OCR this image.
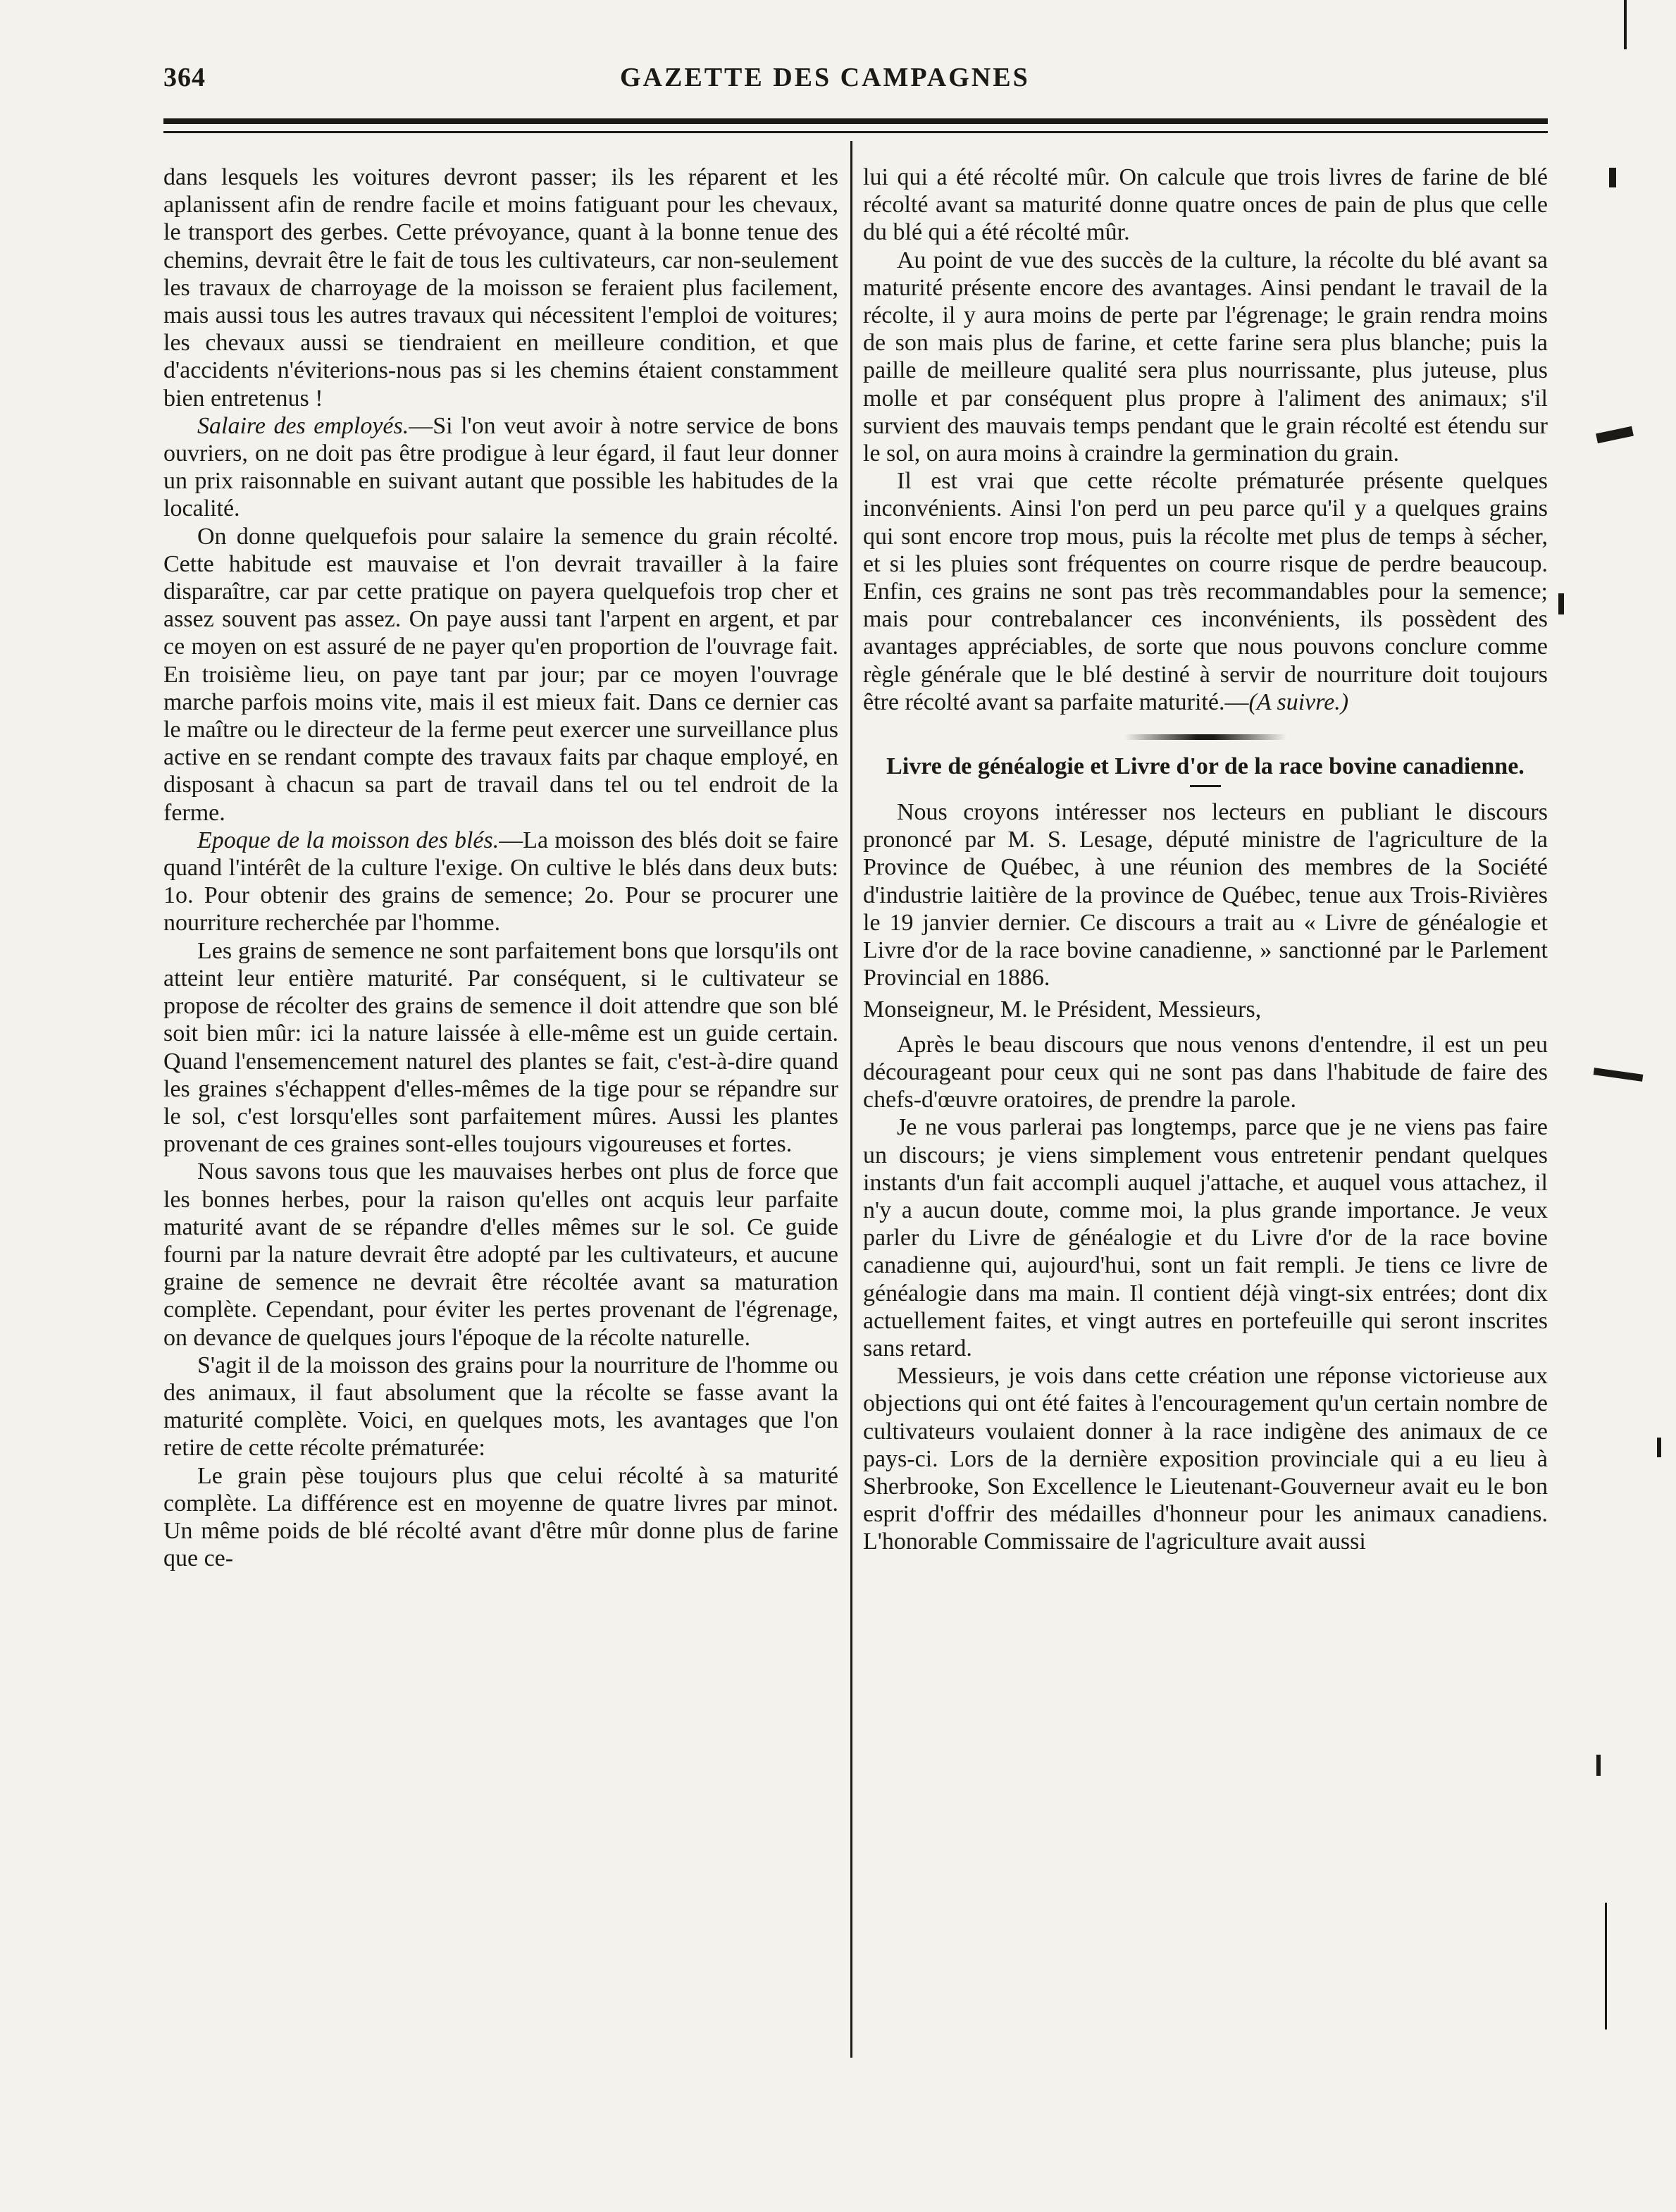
364	GAZETTE DES CAMPAGNES

dans lesquels les voitures devront passer; ils les réparent et les aplanissent afin de rendre facile et moins fatiguant pour les chevaux, le transport des gerbes. Cette prévoyance, quant à la bonne tenue des chemins, devrait être le fait de tous les cultivateurs, car non-seulement les travaux de charroyage de la moisson se feraient plus facilement, mais aussi tous les autres travaux qui nécessitent l'emploi de voitures; les chevaux aussi se tiendraient en meilleure condition, et que d'accidents n'éviterions-nous pas si les chemins étaient constamment bien entretenus !

Salaire des employés.—Si l'on veut avoir à notre service de bons ouvriers, on ne doit pas être prodigue à leur égard, il faut leur donner un prix raisonnable en suivant autant que possible les habitudes de la localité.

On donne quelquefois pour salaire la semence du grain récolté. Cette habitude est mauvaise et l'on devrait travailler à la faire disparaître, car par cette pratique on payera quelquefois trop cher et assez souvent pas assez. On paye aussi tant l'arpent en argent, et par ce moyen on est assuré de ne payer qu'en proportion de l'ouvrage fait. En troisième lieu, on paye tant par jour; par ce moyen l'ouvrage marche parfois moins vite, mais il est mieux fait. Dans ce dernier cas le maître ou le directeur de la ferme peut exercer une surveillance plus active en se rendant compte des travaux faits par chaque employé, en disposant à chacun sa part de travail dans tel ou tel endroit de la ferme.

Epoque de la moisson des blés.—La moisson des blés doit se faire quand l'intérêt de la culture l'exige. On cultive le blés dans deux buts: 1o. Pour obtenir des grains de semence; 2o. Pour se procurer une nourriture recherchée par l'homme.

Les grains de semence ne sont parfaitement bons que lorsqu'ils ont atteint leur entière maturité. Par conséquent, si le cultivateur se propose de récolter des grains de semence il doit attendre que son blé soit bien mûr: ici la nature laissée à elle-même est un guide certain. Quand l'ensemencement naturel des plantes se fait, c'est-à-dire quand les graines s'échappent d'elles-mêmes de la tige pour se répandre sur le sol, c'est lorsqu'elles sont parfaitement mûres. Aussi les plantes provenant de ces graines sont-elles toujours vigoureuses et fortes.

Nous savons tous que les mauvaises herbes ont plus de force que les bonnes herbes, pour la raison qu'elles ont acquis leur parfaite maturité avant de se répandre d'elles mêmes sur le sol. Ce guide fourni par la nature devrait être adopté par les cultivateurs, et aucune graine de semence ne devrait être récoltée avant sa maturation complète. Cependant, pour éviter les pertes provenant de l'égrenage, on devance de quelques jours l'époque de la récolte naturelle.

S'agit il de la moisson des grains pour la nourriture de l'homme ou des animaux, il faut absolument que la récolte se fasse avant la maturité complète. Voici, en quelques mots, les avantages que l'on retire de cette récolte prématurée:

Le grain pèse toujours plus que celui récolté à sa maturité complète. La différence est en moyenne de quatre livres par minot. Un même poids de blé récolté avant d'être mûr donne plus de farine que ce-

lui qui a été récolté mûr. On calcule que trois livres de farine de blé récolté avant sa maturité donne quatre onces de pain de plus que celle du blé qui a été récolté mûr.

Au point de vue des succès de la culture, la récolte du blé avant sa maturité présente encore des avantages. Ainsi pendant le travail de la récolte, il y aura moins de perte par l'égrenage; le grain rendra moins de son mais plus de farine, et cette farine sera plus blanche; puis la paille de meilleure qualité sera plus nourrissante, plus juteuse, plus molle et par conséquent plus propre à l'aliment des animaux; s'il survient des mauvais temps pendant que le grain récolté est étendu sur le sol, on aura moins à craindre la germination du grain.

Il est vrai que cette récolte prématurée présente quelques inconvénients. Ainsi l'on perd un peu parce qu'il y a quelques grains qui sont encore trop mous, puis la récolte met plus de temps à sécher, et si les pluies sont fréquentes on courre risque de perdre beaucoup. Enfin, ces grains ne sont pas très recommandables pour la semence; mais pour contrebalancer ces inconvénients, ils possèdent des avantages appréciables, de sorte que nous pouvons conclure comme règle générale que le blé destiné à servir de nourriture doit toujours être récolté avant sa parfaite maturité.—(A suivre.)

Livre de généalogie et Livre d'or de la race bovine canadienne.

Nous croyons intéresser nos lecteurs en publiant le discours prononcé par M. S. Lesage, député ministre de l'agriculture de la Province de Québec, à une réunion des membres de la Société d'industrie laitière de la province de Québec, tenue aux Trois-Rivières le 19 janvier dernier. Ce discours a trait au « Livre de généalogie et Livre d'or de la race bovine canadienne, » sanctionné par le Parlement Provincial en 1886.

Monseigneur, M. le Président, Messieurs,

Après le beau discours que nous venons d'entendre, il est un peu décourageant pour ceux qui ne sont pas dans l'habitude de faire des chefs-d'œuvre oratoires, de prendre la parole.

Je ne vous parlerai pas longtemps, parce que je ne viens pas faire un discours; je viens simplement vous entretenir pendant quelques instants d'un fait accompli auquel j'attache, et auquel vous attachez, il n'y a aucun doute, comme moi, la plus grande importance. Je veux parler du Livre de généalogie et du Livre d'or de la race bovine canadienne qui, aujourd'hui, sont un fait rempli. Je tiens ce livre de généalogie dans ma main. Il contient déjà vingt-six entrées; dont dix actuellement faites, et vingt autres en portefeuille qui seront inscrites sans retard.

Messieurs, je vois dans cette création une réponse victorieuse aux objections qui ont été faites à l'encouragement qu'un certain nombre de cultivateurs voulaient donner à la race indigène des animaux de ce pays-ci. Lors de la dernière exposition provinciale qui a eu lieu à Sherbrooke, Son Excellence le Lieutenant-Gouverneur avait eu le bon esprit d'offrir des médailles d'honneur pour les animaux canadiens. L'honorable Commissaire de l'agriculture avait aussi
